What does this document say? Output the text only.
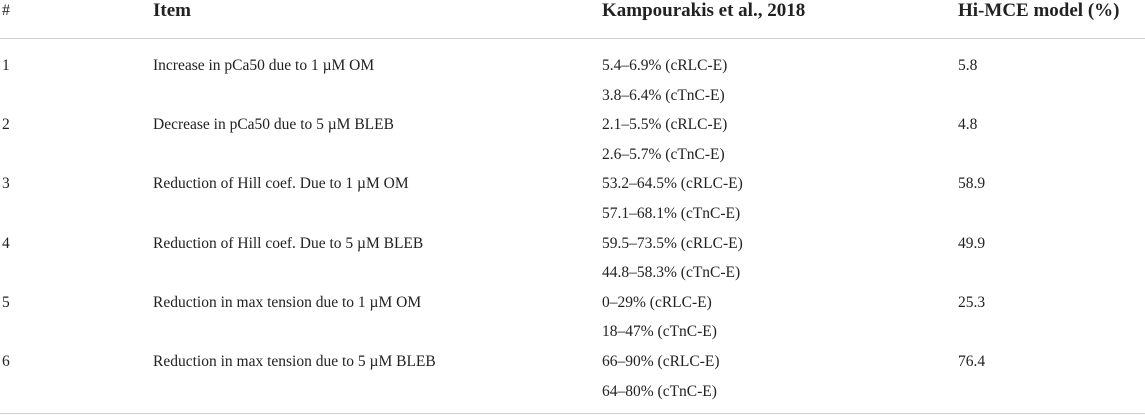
#	Item	Kampourakis et al., 2018	Hi-MCE model (%)
1	Increase in pCa50 due to 1 µM OM	5.4–6.9% (cRLC-E)	5.8
3.8–6.4% (cTnC-E)
2	Decrease in pCa50 due to 5 µM BLEB	2.1–5.5% (cRLC-E)	4.8
2.6–5.7% (cTnC-E)
3	Reduction of Hill coef. Due to 1 µM OM	53.2–64.5% (cRLC-E)	58.9
57.1–68.1% (cTnC-E)
4	Reduction of Hill coef. Due to 5 µM BLEB	59.5–73.5% (cRLC-E)	49.9
44.8–58.3% (cTnC-E)
5	Reduction in max tension due to 1 µM OM	0–29% (cRLC-E)	25.3
18–47% (cTnC-E)
6	Reduction in max tension due to 5 µM BLEB	66–90% (cRLC-E)	76.4
64–80% (cTnC-E)
